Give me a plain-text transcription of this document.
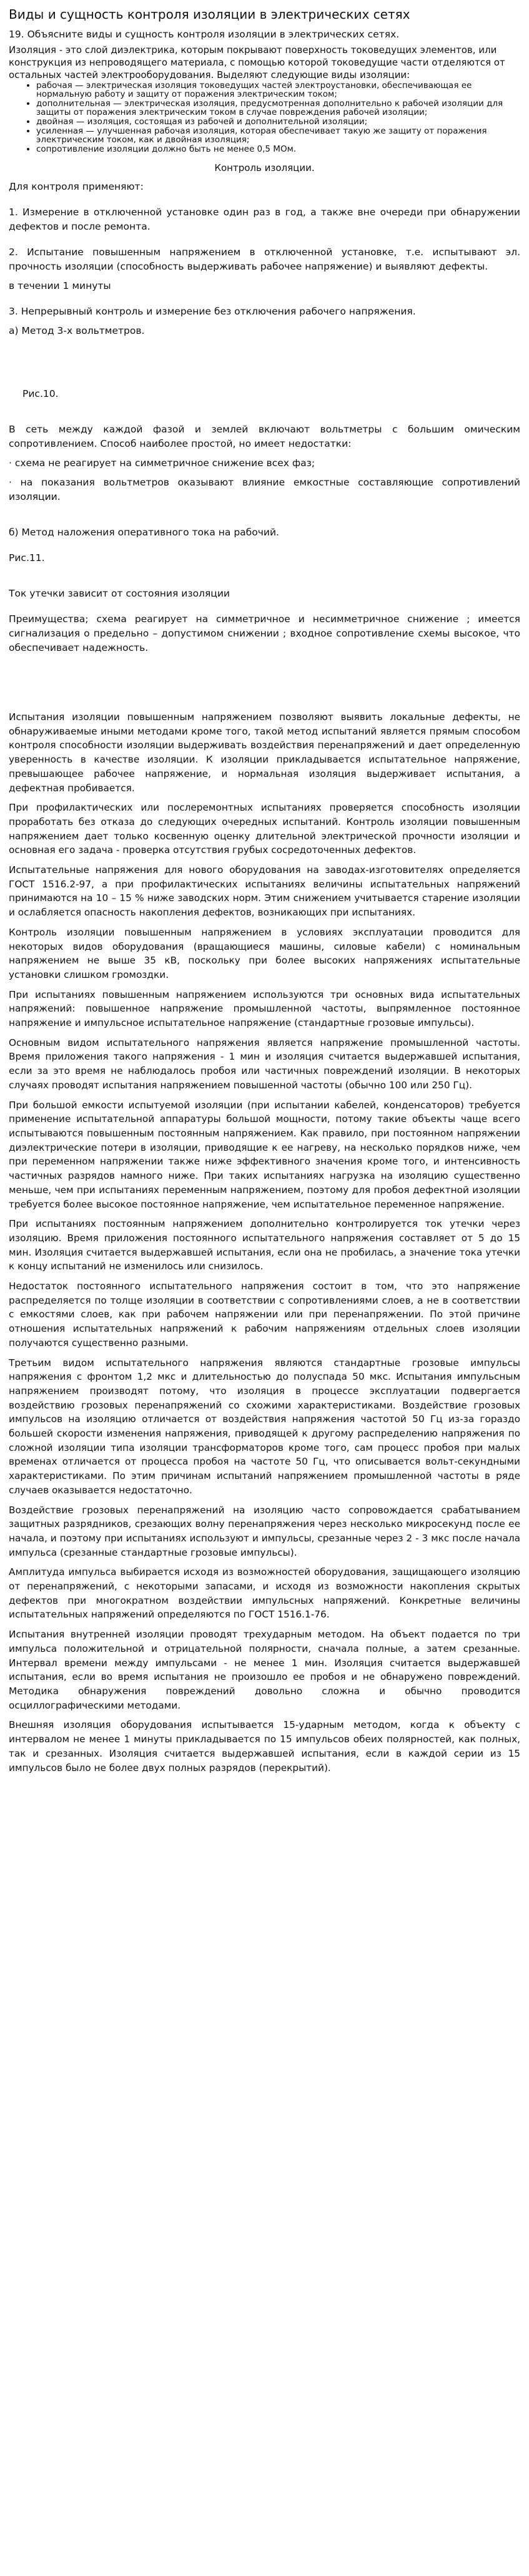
Виды и сущность контроля изоляции в электрических сетях
19. Объясните виды и сущность контроля изоляции в электрических сетях.
Изоляция - это слой диэлектрика, которым покрывают поверхность токоведущих элементов, или конструкция из непроводящего материала, с помощью которой токоведущие части отделяются от остальных частей электрооборудования. Выделяют следующие виды изоляции:
• рабочая — электрическая изоляция токоведущих частей электроустановки, обеспечивающая ее нормальную работу и защиту от поражения электрическим током;
• дополнительная — электрическая изоляция, предусмотренная дополнительно к рабочей изоляции для защиты от поражения электрическим током в случае повреждения рабочей изоляции;
• двойная — изоляция, состоящая из рабочей и дополнительной изоляции;
• усиленная — улучшенная рабочая изоляция, которая обеспечивает такую же защиту от поражения электрическим током, как и двойная изоляция;
• сопротивление изоляции должно быть не менее 0,5 МОм.
Контроль изоляции.
Для контроля применяют:
1. Измерение в отключенной установке один раз в год, а также вне очереди при обнаружении дефектов и после ремонта.
2. Испытание повышенным напряжением в отключенной установке, т.е. испытывают эл. прочность изоляции (способность выдерживать рабочее напряжение) и выявляют дефекты.
в течении 1 минуты
3. Непрерывный контроль и измерение без отключения рабочего напряжения.
а) Метод 3-х вольтметров.
Рис.10.
В сеть между каждой фазой и землей включают вольтметры с большим омическим сопротивлением. Способ наиболее простой, но имеет недостатки:
· схема не реагирует на симметричное снижение всех фаз;
· на показания вольтметров оказывают влияние емкостные составляющие сопротивлений изоляции.
б) Метод наложения оперативного тока на рабочий.
Рис.11.
Ток утечки зависит от состояния изоляции
Преимущества; схема реагирует на симметричное и несимметричное снижение ; имеется сигнализация о предельно – допустимом снижении ; входное сопротивление схемы высокое, что обеспечивает надежность.
Испытания изоляции повышенным напряжением позволяют выявить локальные дефекты, не обнаруживаемые иными методами кроме того, такой метод испытаний является прямым способом контроля способности изоляции выдерживать воздействия перенапряжений и дает определенную уверенность в качестве изоляции. К изоляции прикладывается испытательное напряжение, превышающее рабочее напряжение, и нормальная изоляция выдерживает испытания, а дефектная пробивается.
При профилактических или послеремонтных испытаниях проверяется способность изоляции проработать без отказа до следующих очередных испытаний. Контроль изоляции повышенным напряжением дает только косвенную оценку длительной электрической прочности изоляции и основная его задача - проверка отсутствия грубых сосредоточенных дефектов.
Испытательные напряжения для нового оборудования на заводах-изготовителях определяется ГОСТ 1516.2-97, а при профилактических испытаниях величины испытательных напряжений принимаются на 10 – 15 % ниже заводских норм. Этим снижением учитывается старение изоляции и ослабляется опасность накопления дефектов, возникающих при испытаниях.
Контроль изоляции повышенным напряжением в условиях эксплуатации проводится для некоторых видов оборудования (вращающиеся машины, силовые кабели) с номинальным напряжением не выше 35 кВ, поскольку при более высоких напряжениях испытательные установки слишком громоздки.
При испытаниях повышенным напряжением используются три основных вида испытательных напряжений: повышенное напряжение промышленной частоты, выпрямленное постоянное напряжение и импульсное испытательное напряжение (стандартные грозовые импульсы).
Основным видом испытательного напряжения является напряжение промышленной частоты. Время приложения такого напряжения - 1 мин и изоляция считается выдержавшей испытания, если за это время не наблюдалось пробоя или частичных повреждений изоляции. В некоторых случаях проводят испытания напряжением повышенной частоты (обычно 100 или 250 Гц).
При большой емкости испытуемой изоляции (при испытании кабелей, конденсаторов) требуется применение испытательной аппаратуры большой мощности, потому такие объекты чаще всего испытываются повышенным постоянным напряжением. Как правило, при постоянном напряжении диэлектрические потери в изоляции, приводящие к ее нагреву, на несколько порядков ниже, чем при переменном напряжении также ниже эффективного значения кроме того, и интенсивность частичных разрядов намного ниже. При таких испытаниях нагрузка на изоляцию существенно меньше, чем при испытаниях переменным напряжением, поэтому для пробоя дефектной изоляции требуется более высокое постоянное напряжение, чем испытательное переменное напряжение.
При испытаниях постоянным напряжением дополнительно контролируется ток утечки через изоляцию. Время приложения постоянного испытательного напряжения составляет от 5 до 15 мин. Изоляция считается выдержавшей испытания, если она не пробилась, а значение тока утечки к концу испытаний не изменилось или снизилось.
Недостаток постоянного испытательного напряжения состоит в том, что это напряжение распределяется по толще изоляции в соответствии с сопротивлениями слоев, а не в соответствии с емкостями слоев, как при рабочем напряжении или при перенапряжении. По этой причине отношения испытательных напряжений к рабочим напряжениям отдельных слоев изоляции получаются существенно разными.
Третьим видом испытательного напряжения являются стандартные грозовые импульсы напряжения с фронтом 1,2 мкс и длительностью до полуспада 50 мкс. Испытания импульсным напряжением производят потому, что изоляция в процессе эксплуатации подвергается воздействию грозовых перенапряжений со схожими характеристиками. Воздействие грозовых импульсов на изоляцию отличается от воздействия напряжения частотой 50 Гц из-за гораздо большей скорости изменения напряжения, приводящей к другому распределению напряжения по сложной изоляции типа изоляции трансформаторов кроме того, сам процесс пробоя при малых временах отличается от процесса пробоя на частоте 50 Гц, что описывается вольт-секундными характеристиками. По этим причинам испытаний напряжением промышленной частоты в ряде случаев оказывается недостаточно.
Воздействие грозовых перенапряжений на изоляцию часто сопровождается срабатыванием защитных разрядников, срезающих волну перенапряжения через несколько микросекунд после ее начала, и поэтому при испытаниях используют и импульсы, срезанные через 2 - 3 мкс после начала импульса (срезанные стандартные грозовые импульсы).
Амплитуда импульса выбирается исходя из возможностей оборудования, защищающего изоляцию от перенапряжений, с некоторыми запасами, и исходя из возможности накопления скрытых дефектов при многократном воздействии импульсных напряжений. Конкретные величины испытательных напряжений определяются по ГОСТ 1516.1-76.
Испытания внутренней изоляции проводят трехударным методом. На объект подается по три импульса положительной и отрицательной полярности, сначала полные, а затем срезанные. Интервал времени между импульсами - не менее 1 мин. Изоляция считается выдержавшей испытания, если во время испытания не произошло ее пробоя и не обнаружено повреждений. Методика обнаружения повреждений довольно сложна и обычно проводится осциллографическими методами.
Внешняя изоляция оборудования испытывается 15-ударным методом, когда к объекту с интервалом не менее 1 минуты прикладывается по 15 импульсов обеих полярностей, как полных, так и срезанных. Изоляция считается выдержавшей испытания, если в каждой серии из 15 импульсов было не более двух полных разрядов (перекрытий).
